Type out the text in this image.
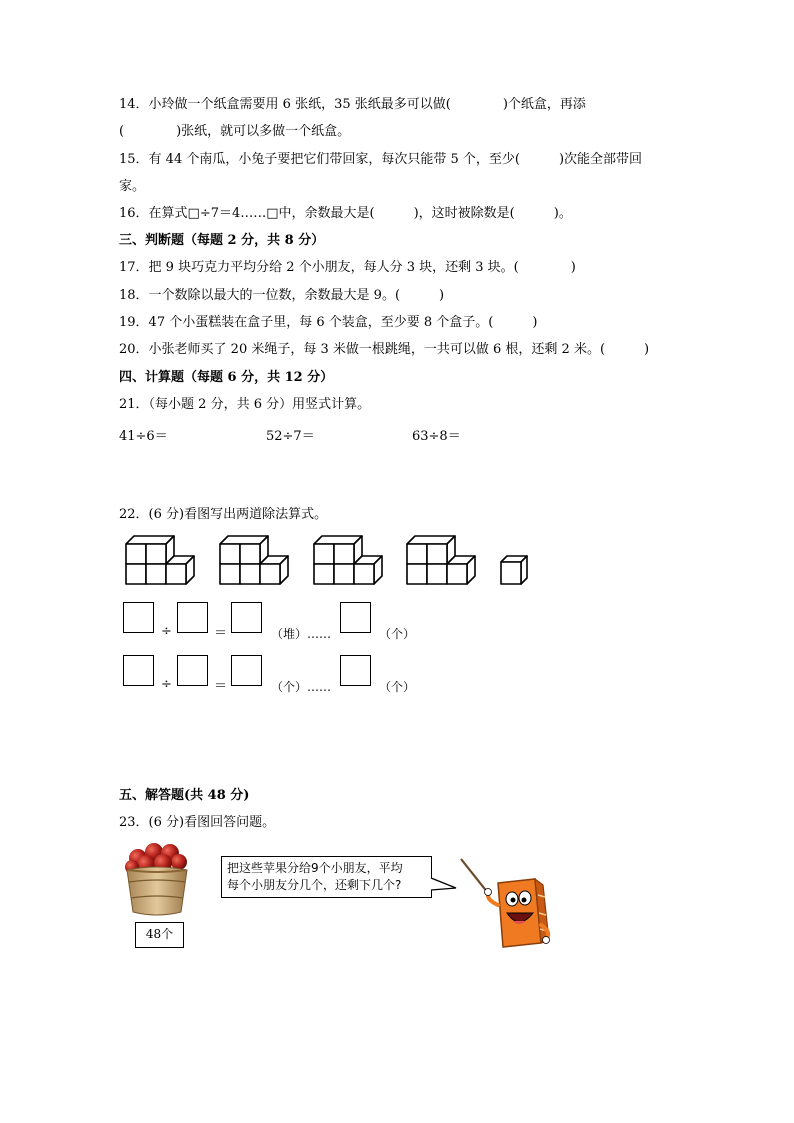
14．小玲做一个纸盒需要用 6 张纸，35 张纸最多可以做(　　　　)个纸盒，再添
(　　　　)张纸，就可以多做一个纸盒。
15．有 44 个南瓜，小兔子要把它们带回家，每次只能带 5 个，至少(　　　)次能全部带回
家。
16．在算式□÷7＝4……□中，余数最大是(　　　)，这时被除数是(　　　)。
三、判断题（每题 2 分，共 8 分）
17．把 9 块巧克力平均分给 2 个小朋友，每人分 3 块，还剩 3 块。(　　　　)
18．一个数除以最大的一位数，余数最大是 9。(　　　)
19．47 个小蛋糕装在盒子里，每 6 个装盒，至少要 8 个盒子。(　　　)
20．小张老师买了 20 米绳子，每 3 米做一根跳绳，一共可以做 6 根，还剩 2 米。(　　　)
四、计算题（每题 6 分，共 12 分）
21．（每小题 2 分，共 6 分）用竖式计算。
41÷6＝	52÷7＝	63÷8＝
22．(6 分)看图写出两道除法算式。
÷	＝	（堆）……	（个）
÷	＝	（个）……	（个）
五、解答题(共 48 分)
23．(6 分)看图回答问题。
48个
把这些苹果分给9个小朋友，平均
每个小朋友分几个，还剩下几个?
